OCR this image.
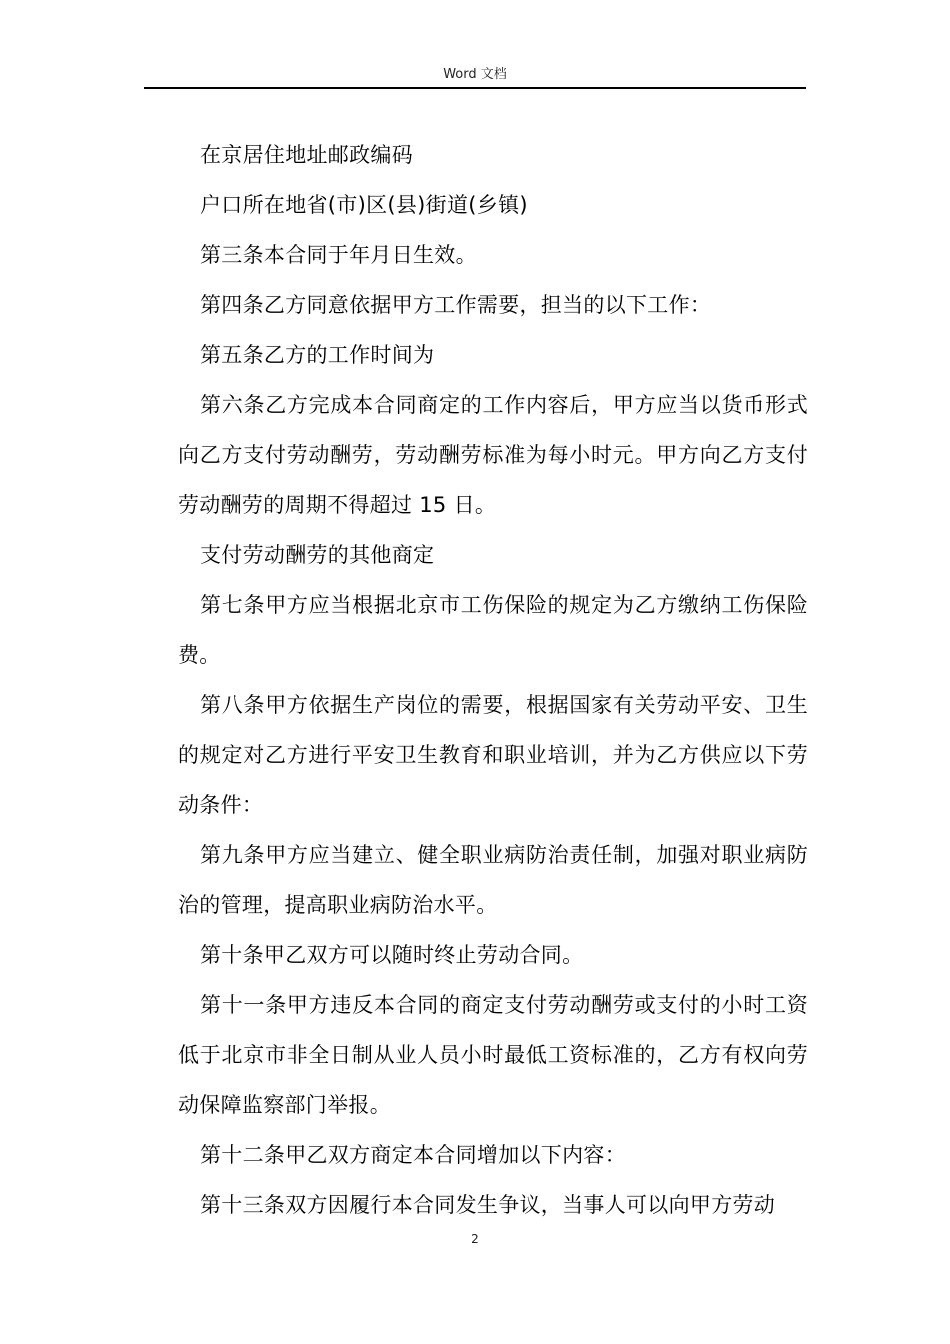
Word 文档

在京居住地址邮政编码

户口所在地省(市)区(县)街道(乡镇)

第三条本合同于年月日生效。

第四条乙方同意依据甲方工作需要，担当的以下工作：

第五条乙方的工作时间为

第六条乙方完成本合同商定的工作内容后，甲方应当以货币形式向乙方支付劳动酬劳，劳动酬劳标准为每小时元。甲方向乙方支付劳动酬劳的周期不得超过 15 日。

支付劳动酬劳的其他商定

第七条甲方应当根据北京市工伤保险的规定为乙方缴纳工伤保险费。

第八条甲方依据生产岗位的需要，根据国家有关劳动平安、卫生的规定对乙方进行平安卫生教育和职业培训，并为乙方供应以下劳动条件：

第九条甲方应当建立、健全职业病防治责任制，加强对职业病防治的管理，提高职业病防治水平。

第十条甲乙双方可以随时终止劳动合同。

第十一条甲方违反本合同的商定支付劳动酬劳或支付的小时工资低于北京市非全日制从业人员小时最低工资标准的，乙方有权向劳动保障监察部门举报。

第十二条甲乙双方商定本合同增加以下内容：

第十三条双方因履行本合同发生争议，当事人可以向甲方劳动

2
